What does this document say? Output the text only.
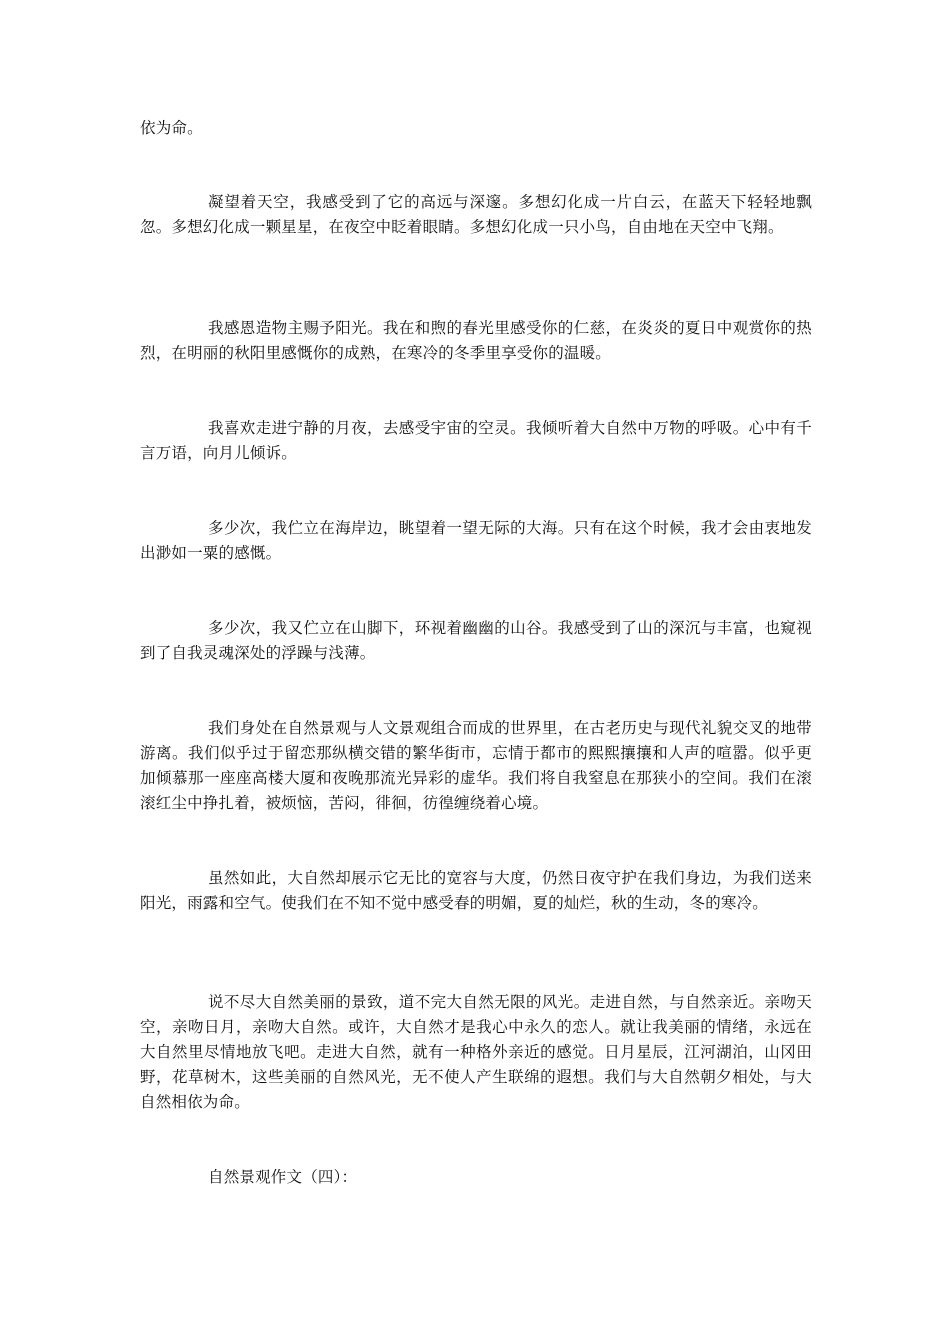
依为命。

凝望着天空，我感受到了它的高远与深邃。多想幻化成一片白云，在蓝天下轻轻地飘忽。多想幻化成一颗星星，在夜空中眨着眼睛。多想幻化成一只小鸟，自由地在天空中飞翔。

我感恩造物主赐予阳光。我在和煦的春光里感受你的仁慈，在炎炎的夏日中观赏你的热烈，在明丽的秋阳里感慨你的成熟，在寒冷的冬季里享受你的温暖。

我喜欢走进宁静的月夜，去感受宇宙的空灵。我倾听着大自然中万物的呼吸。心中有千言万语，向月儿倾诉。

多少次，我伫立在海岸边，眺望着一望无际的大海。只有在这个时候，我才会由衷地发出渺如一粟的感慨。

多少次，我又伫立在山脚下，环视着幽幽的山谷。我感受到了山的深沉与丰富，也窥视到了自我灵魂深处的浮躁与浅薄。

我们身处在自然景观与人文景观组合而成的世界里，在古老历史与现代礼貌交叉的地带游离。我们似乎过于留恋那纵横交错的繁华街市，忘情于都市的熙熙攘攘和人声的喧嚣。似乎更加倾慕那一座座高楼大厦和夜晚那流光异彩的虚华。我们将自我窒息在那狭小的空间。我们在滚滚红尘中挣扎着，被烦恼，苦闷，徘徊，彷徨缠绕着心境。

虽然如此，大自然却展示它无比的宽容与大度，仍然日夜守护在我们身边，为我们送来阳光，雨露和空气。使我们在不知不觉中感受春的明媚，夏的灿烂，秋的生动，冬的寒冷。

说不尽大自然美丽的景致，道不完大自然无限的风光。走进自然，与自然亲近。亲吻天空，亲吻日月，亲吻大自然。或许，大自然才是我心中永久的恋人。就让我美丽的情绪，永远在大自然里尽情地放飞吧。走进大自然，就有一种格外亲近的感觉。日月星辰，江河湖泊，山冈田野，花草树木，这些美丽的自然风光，无不使人产生联绵的遐想。我们与大自然朝夕相处，与大自然相依为命。

自然景观作文（四）：
